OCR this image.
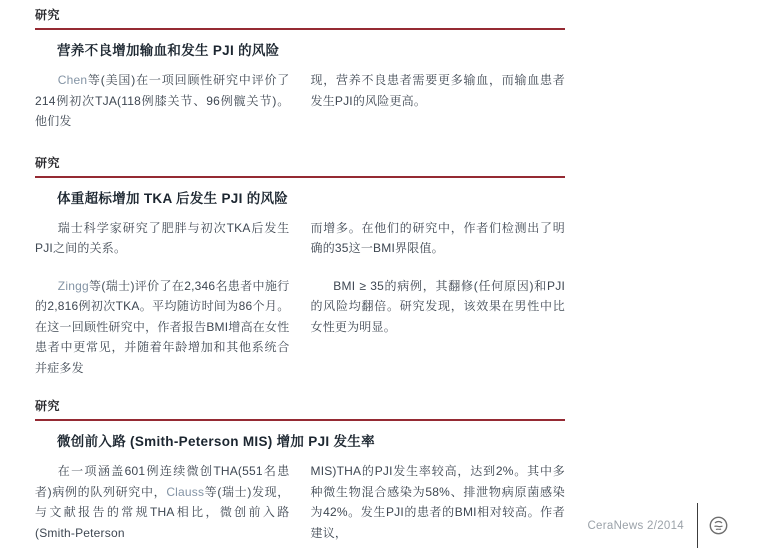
研究
营养不良增加输血和发生 PJI 的风险

Chen等(美国)在一项回顾性研究中评价了214例初次TJA(118例膝关节、96例髋关节)。他们发

现，营养不良患者需要更多输血，而输血患者发生PJI的风险更高。

研究
体重超标增加 TKA 后发生 PJI 的风险

瑞士科学家研究了肥胖与初次TKA后发生PJI之间的关系。

Zingg等(瑞士)评价了在2,346名患者中施行的2,816例初次TKA。平均随访时间为86个月。在这一回顾性研究中，作者报告BMI增高在女性患者中更常见，并随着年龄增加和其他系统合并症多发

而增多。在他们的研究中，作者们检测出了明确的35这一BMI界限值。

BMI ≥ 35的病例，其翻修(任何原因)和PJI的风险均翻倍。研究发现，该效果在男性中比女性更为明显。

研究
微创前入路 (Smith-Peterson MIS) 增加 PJI 发生率

在一项涵盖601例连续微创THA(551名患者)病例的队列研究中，Clauss等(瑞士)发现，与文献报告的常规THA相比，微创前入路(Smith-Peterson

MIS)THA的PJI发生率较高，达到2%。其中多种微生物混合感染为58%、排泄物病原菌感染为42%。发生PJI的患者的BMI相对较高。作者建议，	CeraNews 2/2014
